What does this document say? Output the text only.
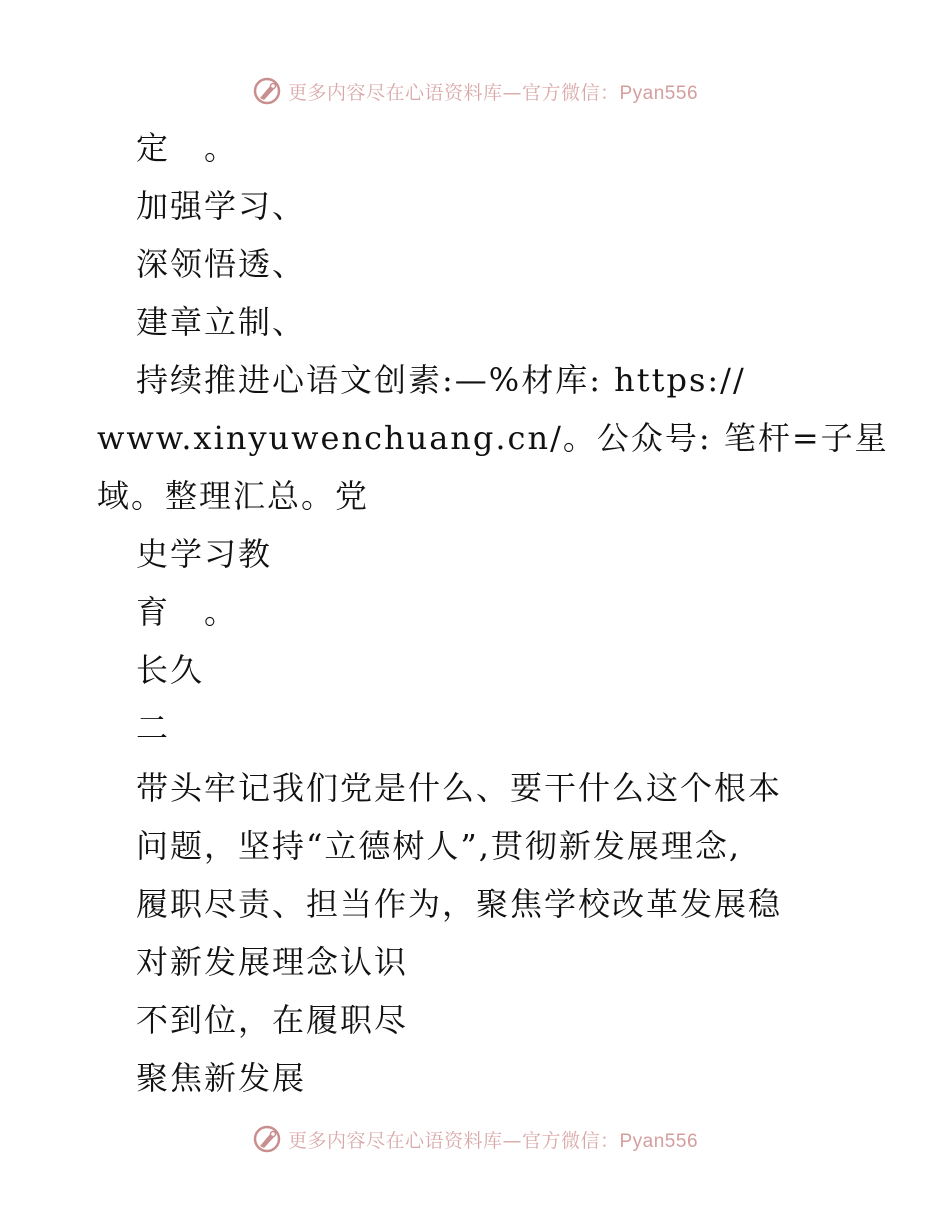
更多内容尽在心语资料库—官方微信：Pyan556
定　。
加强学习、
深领悟透、
建章立制、
持续推进心语文创素:—%材库: https://
www.xinyuwenchuang.cn/。公众号: 笔杆=子星
域。整理汇总。党
史学习教
育　。
长久
二
带头牢记我们党是什么、要干什么这个根本
问题，坚持“立德树人”,贯彻新发展理念,
履职尽责、担当作为，聚焦学校改革发展稳
对新发展理念认识
不到位，在履职尽
聚焦新发展
更多内容尽在心语资料库—官方微信：Pyan556
